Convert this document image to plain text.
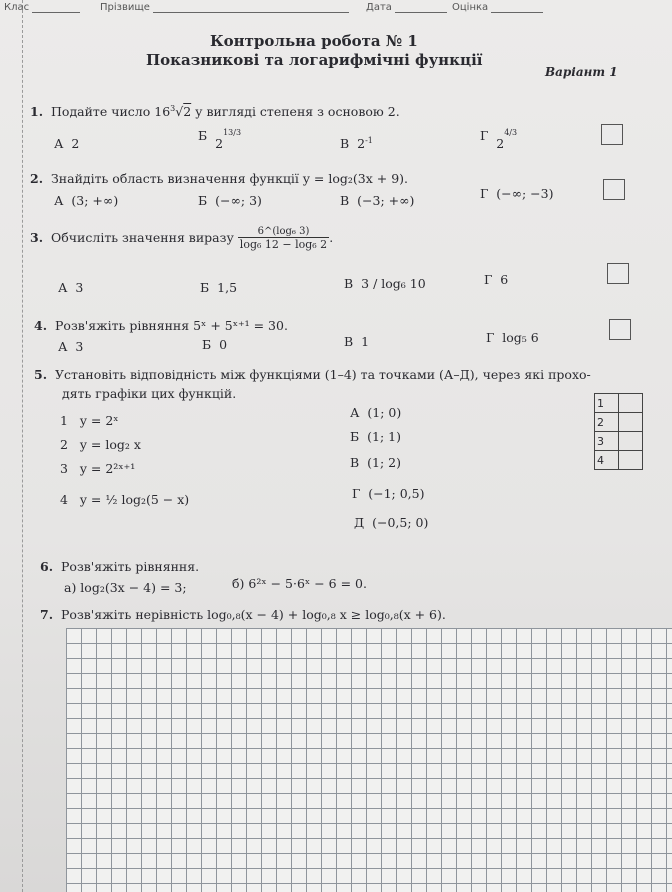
Клас	Прізвище	Дата	Оцінка
Контрольна робота № 1
Показникові та логарифмічні функції
Варіант 1
1. Подайте число $16^3√2$ у вигляді степеня з основою 2.
А 2
Б  $2^{13/3}$
В $2^{-1}$	Г  $2^{4/3}$
2. Знайдіть область визначення функції y = log₂(3x + 9).
А (3; +∞)	Б (−∞; 3)	В (−3; +∞)	Г (−∞; −3)
3. Обчисліть значення виразу $\frac{\text{6\textasciicircum{}(log₆ 3)}}{\text{log₆ 12 − log₆ 2}}$ .
А 3	Б 1,5	В 3 / log₆ 10	Г 6
4. Розв'яжіть рівняння 5ˣ + 5ˣ⁺¹ = 30.
А 3	Б 0	В 1	Г log₅ 6
5. Установіть відповідність між функціями (1–4) та точками (А–Д), через які прохо-
дять графіки цих функцій.
1 y = 2ˣ
2 y = log₂ x
3 y = 2²ˣ⁺¹
4 y = ½ log₂(5 − x)
А (1; 0)
Б (1; 1)
В (1; 2)
Г (−1; 0,5)
Д (−0,5; 0)
1	
2	
3	
4	
6. Розв'яжіть рівняння.
а) log₂(3x − 4) = 3;	б) 6²ˣ − 5·6ˣ − 6 = 0.
7. Розв'яжіть нерівність log₀,₈(x − 4) + log₀,₈ x ≥ log₀,₈(x + 6).
